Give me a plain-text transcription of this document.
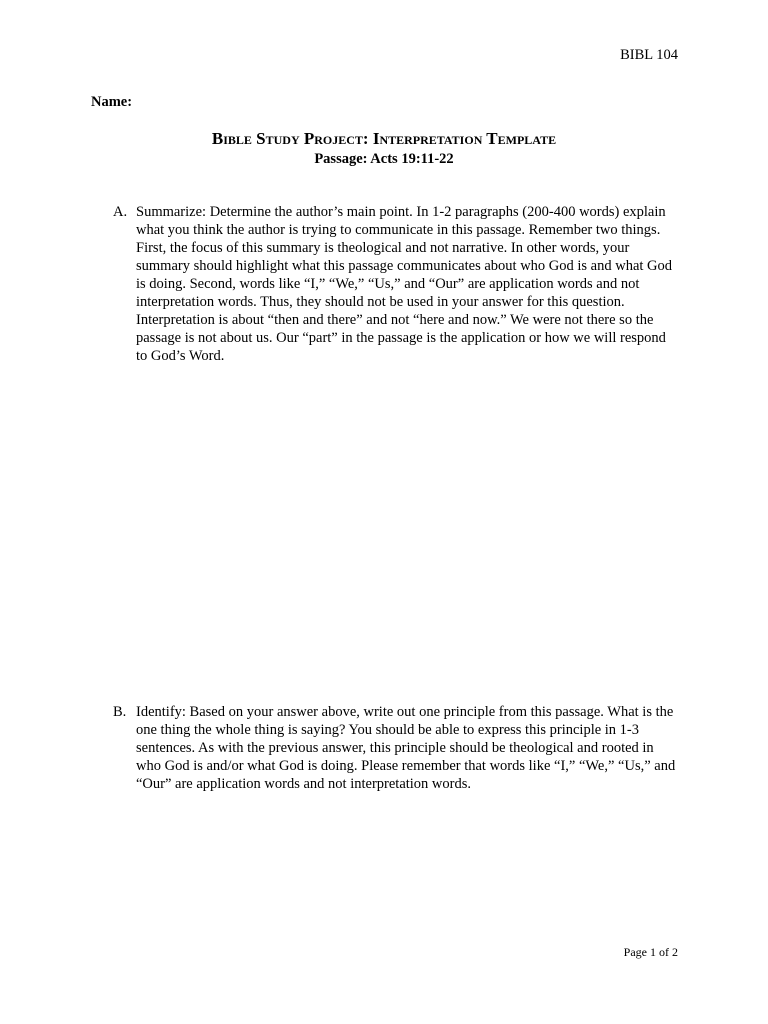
BIBL 104
Name:
Bible Study Project: Interpretation Template
Passage: Acts 19:11-22
A. Summarize: Determine the author’s main point. In 1-2 paragraphs (200-400 words) explain what you think the author is trying to communicate in this passage. Remember two things. First, the focus of this summary is theological and not narrative. In other words, your summary should highlight what this passage communicates about who God is and what God is doing. Second, words like “I,” “We,” “Us,” and “Our” are application words and not interpretation words. Thus, they should not be used in your answer for this question. Interpretation is about “then and there” and not “here and now.” We were not there so the passage is not about us. Our “part” in the passage is the application or how we will respond to God’s Word.
B. Identify: Based on your answer above, write out one principle from this passage. What is the one thing the whole thing is saying? You should be able to express this principle in 1-3 sentences. As with the previous answer, this principle should be theological and rooted in who God is and/or what God is doing. Please remember that words like “I,” “We,” “Us,” and “Our” are application words and not interpretation words.
Page 1 of 2
